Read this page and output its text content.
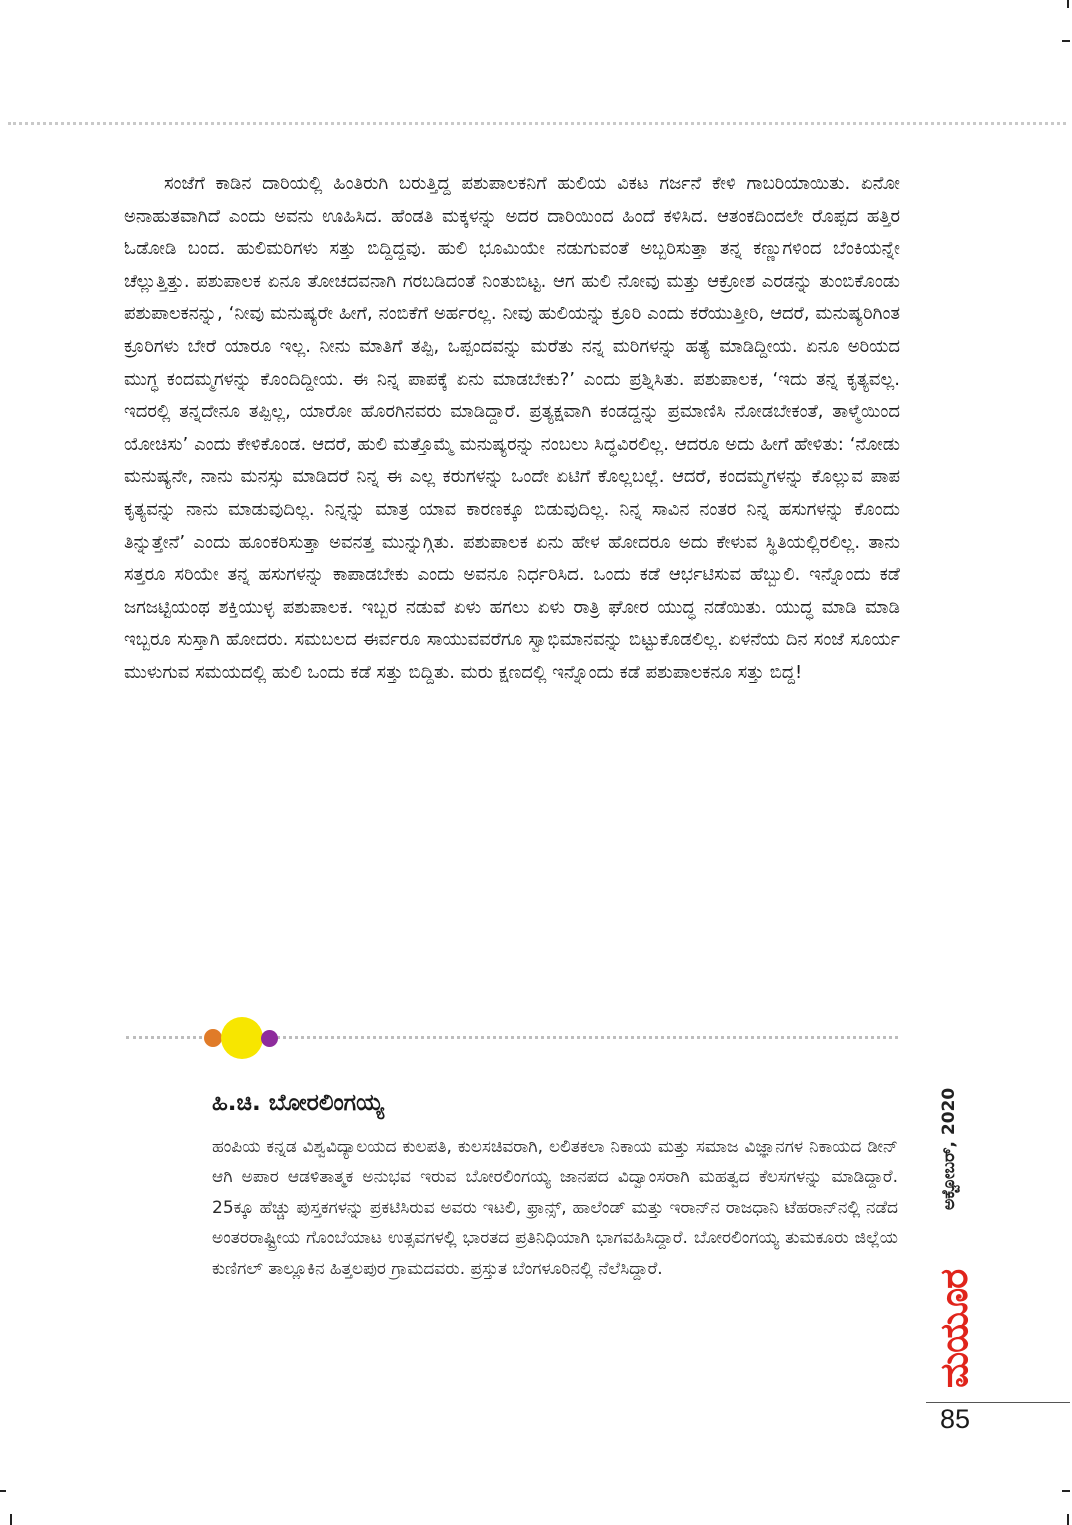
ಸಂಜೆಗೆ ಕಾಡಿನ ದಾರಿಯಲ್ಲಿ ಹಿಂತಿರುಗಿ ಬರುತ್ತಿದ್ದ ಪಶುಪಾಲಕನಿಗೆ ಹುಲಿಯ ವಿಕಟ ಗರ್ಜನೆ ಕೇಳಿ ಗಾಬರಿಯಾಯಿತು. ಏನೋ ಅನಾಹುತವಾಗಿದೆ ಎಂದು ಅವನು ಊಹಿಸಿದ. ಹೆಂಡತಿ ಮಕ್ಕಳನ್ನು ಅದರ ದಾರಿಯಿಂದ ಹಿಂದೆ ಕಳಿಸಿದ. ಆತಂಕದಿಂದಲೇ ರೊಪ್ಪದ ಹತ್ತಿರ ಓಡೋಡಿ ಬಂದ. ಹುಲಿಮರಿಗಳು ಸತ್ತು ಬಿದ್ದಿದ್ದವು. ಹುಲಿ ಭೂಮಿಯೇ ನಡುಗುವಂತೆ ಅಬ್ಬರಿಸುತ್ತಾ ತನ್ನ ಕಣ್ಣುಗಳಿಂದ ಬೆಂಕಿಯನ್ನೇ ಚೆಲ್ಲುತ್ತಿತ್ತು. ಪಶುಪಾಲಕ ಏನೂ ತೋಚದವನಾಗಿ ಗರಬಡಿದಂತೆ ನಿಂತುಬಿಟ್ಟ. ಆಗ ಹುಲಿ ನೋವು ಮತ್ತು ಆಕ್ರೋಶ ಎರಡನ್ನು ತುಂಬಿಕೊಂಡು ಪಶುಪಾಲಕನನ್ನು, ‘ನೀವು ಮನುಷ್ಯರೇ ಹೀಗೆ, ನಂಬಿಕೆಗೆ ಅರ್ಹರಲ್ಲ. ನೀವು ಹುಲಿಯನ್ನು ಕ್ರೂರಿ ಎಂದು ಕರೆಯುತ್ತೀರಿ, ಆದರೆ, ಮನುಷ್ಯರಿಗಿಂತ ಕ್ರೂರಿಗಳು ಬೇರೆ ಯಾರೂ ಇಲ್ಲ. ನೀನು ಮಾತಿಗೆ ತಪ್ಪಿ, ಒಪ್ಪಂದವನ್ನು ಮರೆತು ನನ್ನ ಮರಿಗಳನ್ನು ಹತ್ಯೆ ಮಾಡಿದ್ದೀಯ. ಏನೂ ಅರಿಯದ ಮುಗ್ಧ ಕಂದಮ್ಮಗಳನ್ನು ಕೊಂದಿದ್ದೀಯ. ಈ ನಿನ್ನ ಪಾಪಕ್ಕೆ ಏನು ಮಾಡಬೇಕು?’ ಎಂದು ಪ್ರಶ್ನಿಸಿತು. ಪಶುಪಾಲಕ, ‘ಇದು ತನ್ನ ಕೃತ್ಯವಲ್ಲ. ಇದರಲ್ಲಿ ತನ್ನದೇನೂ ತಪ್ಪಿಲ್ಲ, ಯಾರೋ ಹೊರಗಿನವರು ಮಾಡಿದ್ದಾರೆ. ಪ್ರತ್ಯಕ್ಷವಾಗಿ ಕಂಡದ್ದನ್ನು ಪ್ರಮಾಣಿಸಿ ನೋಡಬೇಕಂತೆ, ತಾಳ್ಮೆಯಿಂದ ಯೋಚಿಸು’ ಎಂದು ಕೇಳಿಕೊಂಡ. ಆದರೆ, ಹುಲಿ ಮತ್ತೊಮ್ಮೆ ಮನುಷ್ಯರನ್ನು ನಂಬಲು ಸಿದ್ಧವಿರಲಿಲ್ಲ. ಆದರೂ ಅದು ಹೀಗೆ ಹೇಳಿತು: ‘ನೋಡು ಮನುಷ್ಯನೇ, ನಾನು ಮನಸ್ಸು ಮಾಡಿದರೆ ನಿನ್ನ ಈ ಎಲ್ಲ ಕರುಗಳನ್ನು ಒಂದೇ ಏಟಿಗೆ ಕೊಲ್ಲಬಲ್ಲೆ. ಆದರೆ, ಕಂದಮ್ಮಗಳನ್ನು ಕೊಲ್ಲುವ ಪಾಪ ಕೃತ್ಯವನ್ನು ನಾನು ಮಾಡುವುದಿಲ್ಲ. ನಿನ್ನನ್ನು ಮಾತ್ರ ಯಾವ ಕಾರಣಕ್ಕೂ ಬಿಡುವುದಿಲ್ಲ. ನಿನ್ನ ಸಾವಿನ ನಂತರ ನಿನ್ನ ಹಸುಗಳನ್ನು ಕೊಂದು ತಿನ್ನುತ್ತೇನೆ’ ಎಂದು ಹೂಂಕರಿಸುತ್ತಾ ಅವನತ್ತ ಮುನ್ನುಗ್ಗಿತು. ಪಶುಪಾಲಕ ಏನು ಹೇಳ ಹೋದರೂ ಅದು ಕೇಳುವ ಸ್ಥಿತಿಯಲ್ಲಿರಲಿಲ್ಲ. ತಾನು ಸತ್ತರೂ ಸರಿಯೇ ತನ್ನ ಹಸುಗಳನ್ನು ಕಾಪಾಡಬೇಕು ಎಂದು ಅವನೂ ನಿರ್ಧರಿಸಿದ. ಒಂದು ಕಡೆ ಆರ್ಭಟಿಸುವ ಹೆಬ್ಬುಲಿ. ಇನ್ನೊಂದು ಕಡೆ ಜಗಜಟ್ಟಿಯಂಥ ಶಕ್ತಿಯುಳ್ಳ ಪಶುಪಾಲಕ. ಇಬ್ಬರ ನಡುವೆ ಏಳು ಹಗಲು ಏಳು ರಾತ್ರಿ ಘೋರ ಯುದ್ಧ ನಡೆಯಿತು. ಯುದ್ಧ ಮಾಡಿ ಮಾಡಿ ಇಬ್ಬರೂ ಸುಸ್ತಾಗಿ ಹೋದರು. ಸಮಬಲದ ಈರ್ವರೂ ಸಾಯುವವರೆಗೂ ಸ್ವಾಭಿಮಾನವನ್ನು ಬಿಟ್ಟುಕೊಡಲಿಲ್ಲ. ಏಳನೆಯ ದಿನ ಸಂಜೆ ಸೂರ್ಯ ಮುಳುಗುವ ಸಮಯದಲ್ಲಿ ಹುಲಿ ಒಂದು ಕಡೆ ಸತ್ತು ಬಿದ್ದಿತು. ಮರು ಕ್ಷಣದಲ್ಲಿ ಇನ್ನೊಂದು ಕಡೆ ಪಶುಪಾಲಕನೂ ಸತ್ತು ಬಿದ್ದ!

ಹಿ.ಚಿ. ಬೋರಲಿಂಗಯ್ಯ

ಹಂಪಿಯ ಕನ್ನಡ ವಿಶ್ವವಿದ್ಯಾಲಯದ ಕುಲಪತಿ, ಕುಲಸಚಿವರಾಗಿ, ಲಲಿತಕಲಾ ನಿಕಾಯ ಮತ್ತು ಸಮಾಜ ವಿಜ್ಞಾನಗಳ ನಿಕಾಯದ ಡೀನ್ ಆಗಿ ಅಪಾರ ಆಡಳಿತಾತ್ಮಕ ಅನುಭವ ಇರುವ ಬೋರಲಿಂಗಯ್ಯ ಜಾನಪದ ವಿದ್ವಾಂಸರಾಗಿ ಮಹತ್ವದ ಕೆಲಸಗಳನ್ನು ಮಾಡಿದ್ದಾರೆ. 25ಕ್ಕೂ ಹೆಚ್ಚು ಪುಸ್ತಕಗಳನ್ನು ಪ್ರಕಟಿಸಿರುವ ಅವರು ಇಟಲಿ, ಫ್ರಾನ್ಸ್, ಹಾಲೆಂಡ್ ಮತ್ತು ಇರಾನ್‌ನ ರಾಜಧಾನಿ ಟೆಹರಾನ್‌ನಲ್ಲಿ ನಡೆದ ಅಂತರರಾಷ್ಟ್ರೀಯ ಗೊಂಬೆಯಾಟ ಉತ್ಸವಗಳಲ್ಲಿ ಭಾರತದ ಪ್ರತಿನಿಧಿಯಾಗಿ ಭಾಗವಹಿಸಿದ್ದಾರೆ. ಬೋರಲಿಂಗಯ್ಯ ತುಮಕೂರು ಜಿಲ್ಲೆಯ ಕುಣಿಗಲ್ ತಾಲ್ಲೂಕಿನ ಹಿತ್ತಲಪುರ ಗ್ರಾಮದವರು. ಪ್ರಸ್ತುತ ಬೆಂಗಳೂರಿನಲ್ಲಿ ನೆಲೆಸಿದ್ದಾರೆ.

ಅಕ್ಟೋಬರ್, 2020
ಮಯೂರ
85
